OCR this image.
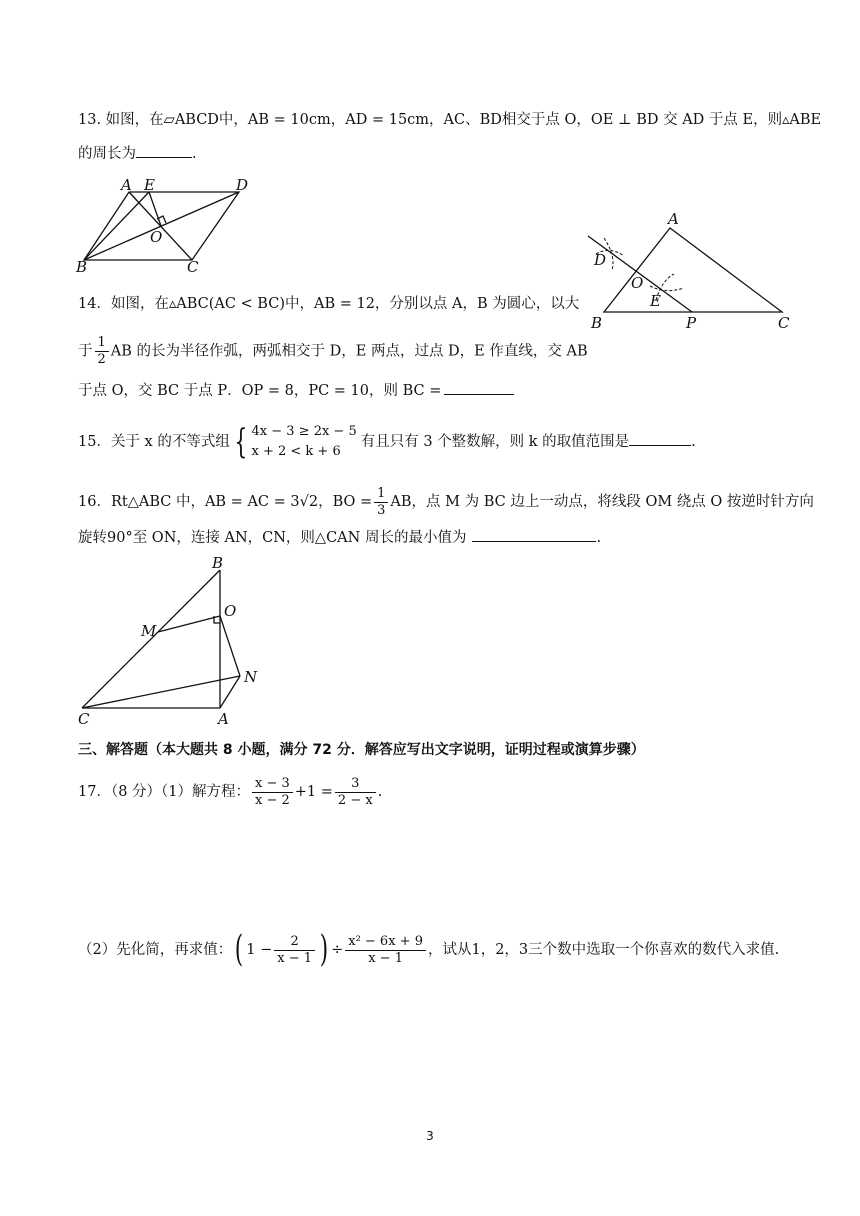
13. 如图，在▱ABCD中，AB = 10cm，AD = 15cm，AC、BD相交于点 O，OE ⊥ BD 交 AD 于点 E，则▵ABE
的周长为	.
A E	D
O
B	C
A
D
O
E
B	P	C
14．如图，在▵ABC(AC < BC)中，AB = 12，分别以点 A，B 为圆心，以大
于 $\frac{1}{2}$ AB 的长为半径作弧，两弧相交于 D，E 两点，过点 D，E 作直线，交 AB
于点 O，交 BC 于点 P．OP = 8，PC = 10，则 BC =
15．关于 x 的不等式组 { 4x − 3 ≥ 2x − 5
x + 2 < k + 6
有且只有 3 个整数解，则 k 的取值范围是	.
16．Rt△ABC 中，AB = AC = 3√2，BO = $\frac{1}{3}$ AB，点 M 为 BC 边上一动点，将线段 OM 绕点 O 按逆时针方向
旋转90°至 ON，连接 AN，CN，则△CAN 周长的最小值为	.
B
O
M
N
C	A
三、解答题（本大题共 8 小题，满分 72 分．解答应写出文字说明，证明过程或演算步骤）
17．（8 分）（1）解方程： $\frac{x - 3}{x - 2} +1 = \frac{3}{2 - x}$ .
（2）先化简，再求值：( $1 - \frac{2}{x - 1}$ ) ÷ $\frac{\text{x² − 6x + 9}}{x - 1}$ ，试从1，2，3三个数中选取一个你喜欢的数代入求值.
3
